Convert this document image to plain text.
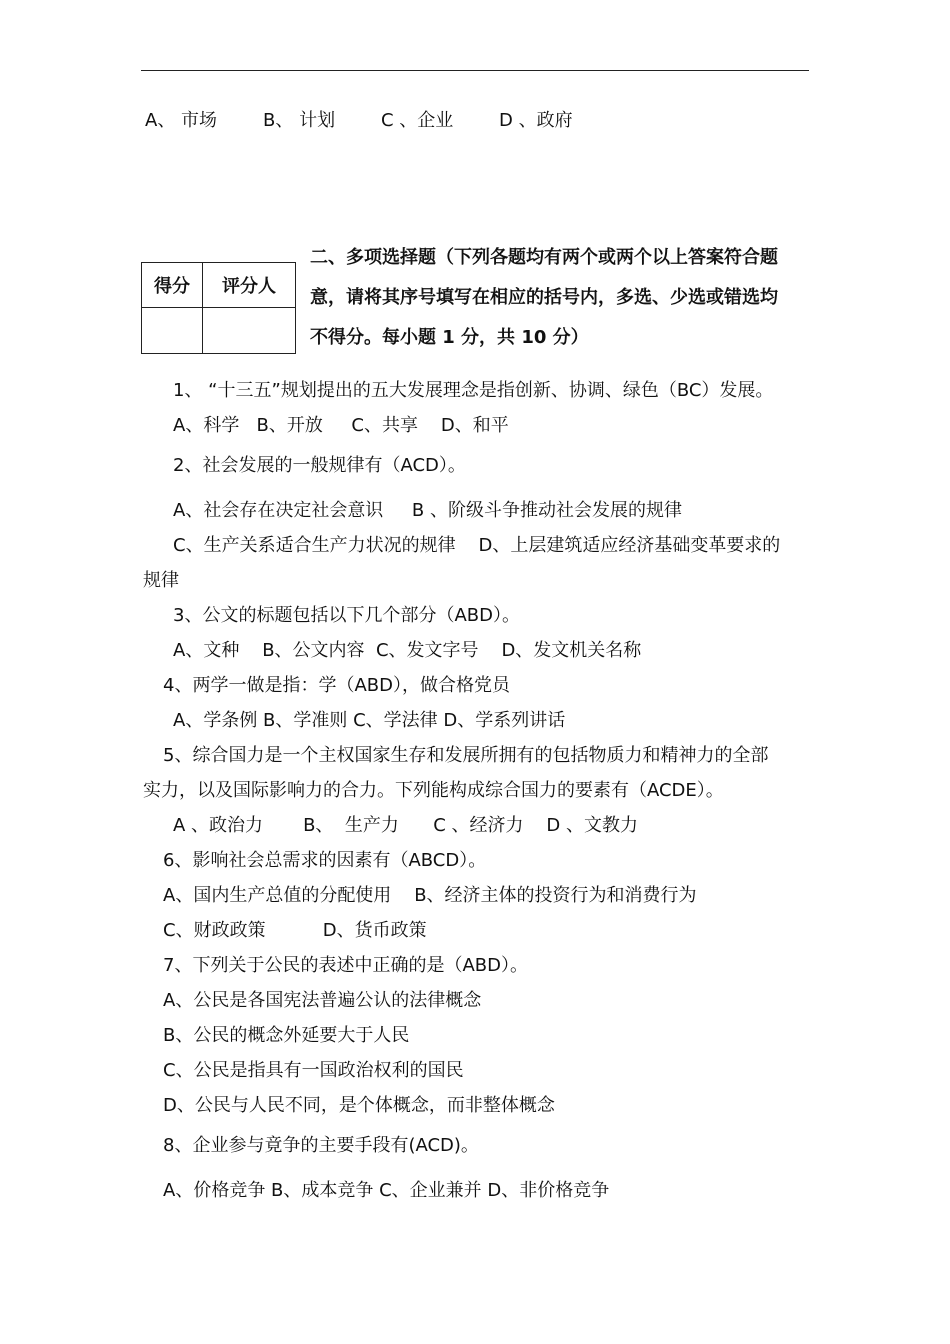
A、 市场	B、 计划	C 、企业	D 、政府
得分	评分人

二、多项选择题（下列各题均有两个或两个以上答案符合题
意，请将其序号填写在相应的括号内，多选、少选或错选均
不得分。每小题 1 分，共 10 分）
1、 “十三五”规划提出的五大发展理念是指创新、协调、绿色（BC）发展。
A、科学   B、开放     C、共享    D、和平
2、社会发展的一般规律有（ACD）。
A、社会存在决定社会意识     B 、阶级斗争推动社会发展的规律
C、生产关系适合生产力状况的规律    D、上层建筑适应经济基础变革要求的
规律
3、公文的标题包括以下几个部分（ABD）。
A、文种    B、公文内容  C、发文字号    D、发文机关名称
4、两学一做是指：学（ABD），做合格党员
A、学条例 B、学准则 C、学法律 D、学系列讲话
5、综合国力是一个主权国家生存和发展所拥有的包括物质力和精神力的全部
实力，以及国际影响力的合力。下列能构成综合国力的要素有（ACDE）。
A 、政治力       B、  生产力      C 、经济力    D 、文教力
6、影响社会总需求的因素有（ABCD）。
A、国内生产总值的分配使用    B、经济主体的投资行为和消费行为
C、财政政策          D、货币政策
7、下列关于公民的表述中正确的是（ABD）。
A、公民是各国宪法普遍公认的法律概念
B、公民的概念外延要大于人民
C、公民是指具有一国政治权利的国民
D、公民与人民不同，是个体概念，而非整体概念
8、企业参与竟争的主要手段有(ACD)。
A、价格竞争 B、成本竞争 C、企业兼并 D、非价格竞争
